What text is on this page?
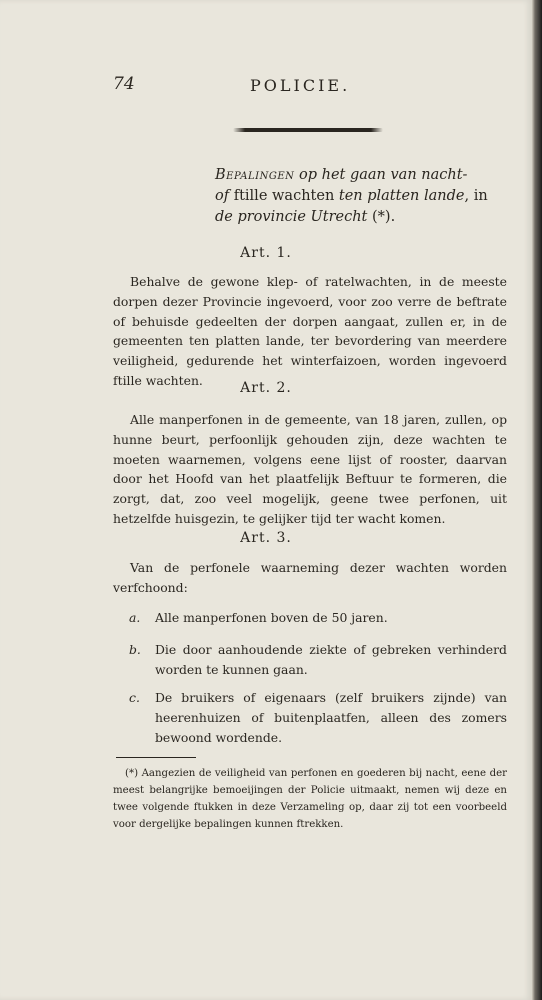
74	POLICIE.
Bepalingen op het gaan van nacht-
of ftille wachten ten platten lande, in
de provincie Utrecht (*).
Art. 1.
Behalve de gewone klep- of ratelwachten, in de meeste dorpen dezer Provincie ingevoerd, voor zoo verre de beftrate of behuisde gedeelten der dorpen aangaat, zullen er, in de gemeenten ten platten lande, ter bevordering van meerdere veiligheid, gedurende het winterfaizoen, worden ingevoerd ftille wachten.	Art. 2.
Alle manperfonen in de gemeente, van 18 jaren, zullen, op hunne beurt, perfoonlijk gehouden zijn, deze wachten te moeten waarnemen, volgens eene lijst of rooster, daarvan door het Hoofd van het plaatfelijk Beftuur te formeren, die zorgt, dat, zoo veel mogelijk, geene twee perfonen, uit hetzelfde huisgezin, te gelijker tijd ter wacht komen.
Art. 3.
Van de perfonele waarneming dezer wachten worden verfchoond:
a. Alle manperfonen boven de 50 jaren.
b. Die door aanhoudende ziekte of gebreken verhinderd worden te kunnen gaan.
c. De bruikers of eigenaars (zelf bruikers zijnde) van heerenhuizen of buitenplaatfen, alleen des zomers bewoond wordende.
(*) Aangezien de veiligheid van perfonen en goederen bij nacht, eene der meest belangrijke bemoeijingen der Policie uitmaakt, nemen wij deze en twee volgende ftukken in deze Verzameling op, daar zij tot een voorbeeld voor dergelijke bepalingen kunnen ftrekken.
